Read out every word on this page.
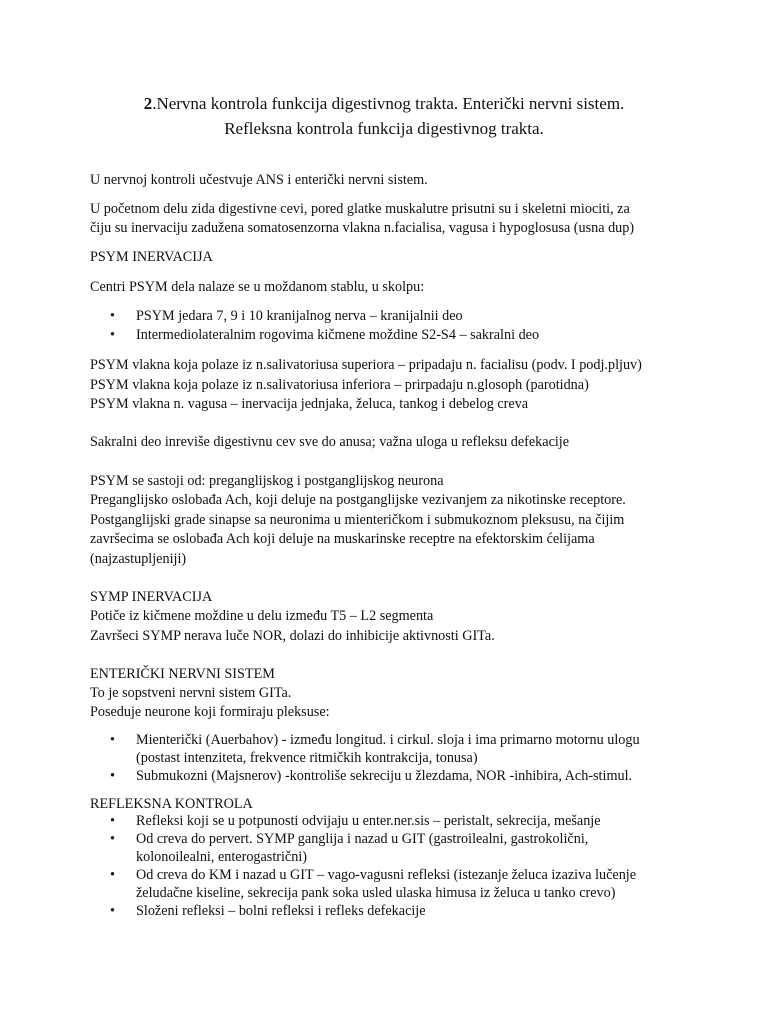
2.Nervna kontrola funkcija digestivnog trakta. Enterički nervni sistem.
Refleksna kontrola funkcija digestivnog trakta.
U nervnoj kontroli učestvuje ANS i enterički nervni sistem.
U početnom delu zida digestivne cevi, pored glatke muskalutre prisutni su i skeletni miociti, za
čiju su inervaciju zadužena somatosenzorna vlakna n.facialisa, vagusa i hypoglosusa (usna dup)
PSYM INERVACIJA
Centri PSYM dela nalaze se u moždanom stablu, u skolpu:
•	PSYM jedara 7, 9 i 10 kranijalnog nerva – kranijalnii deo
•	Intermediolateralnim rogovima kičmene moždine S2-S4 – sakralni deo
PSYM vlakna koja polaze iz n.salivatoriusa superiora – pripadaju n. facialisu (podv. I podj.pljuv)
PSYM vlakna koja polaze iz n.salivatoriusa inferiora – prirpadaju n.glosoph (parotidna)
PSYM vlakna n. vagusa – inervacija jednjaka, želuca, tankog i debelog creva
Sakralni deo inreviše digestivnu cev sve do anusa; važna uloga u refleksu defekacije
PSYM se sastoji od: preganglijskog i postganglijskog neurona
Preganglijsko oslobađa Ach, koji deluje na postganglijske vezivanjem za nikotinske receptore.
Postganglijski grade sinapse sa neuronima u mienteričkom i submukoznom pleksusu, na čijim
završecima se oslobađa Ach koji deluje na muskarinske receptre na efektorskim ćelijama
(najzastupljeniji)
SYMP INERVACIJA
Potiče iz kičmene moždine u delu između T5 – L2 segmenta
Završeci SYMP nerava luče NOR, dolazi do inhibicije aktivnosti GITa.
ENTERIČKI NERVNI SISTEM
To je sopstveni nervni sistem GITa.
Poseduje neurone koji formiraju pleksuse:
•	Mienterički (Auerbahov) - između longitud. i cirkul. sloja i ima primarno motornu ulogu
(postast intenziteta, frekvence ritmičkih kontrakcija, tonusa)
•	Submukozni (Majsnerov) -kontroliše sekreciju u žlezdama, NOR -inhibira, Ach-stimul.
REFLEKSNA KONTROLA
•	Refleksi koji se u potpunosti odvijaju u enter.ner.sis – peristalt, sekrecija, mešanje
•	Od creva do pervert. SYMP ganglija i nazad u GIT (gastroilealni, gastrokolični,
kolonoilealni, enterogastrični)
•	Od creva do KM i nazad u GIT – vago-vagusni refleksi (istezanje želuca izaziva lučenje
želudačne kiseline, sekrecija pank soka usled ulaska himusa iz želuca u tanko crevo)
•	Složeni refleksi – bolni refleksi i refleks defekacije
